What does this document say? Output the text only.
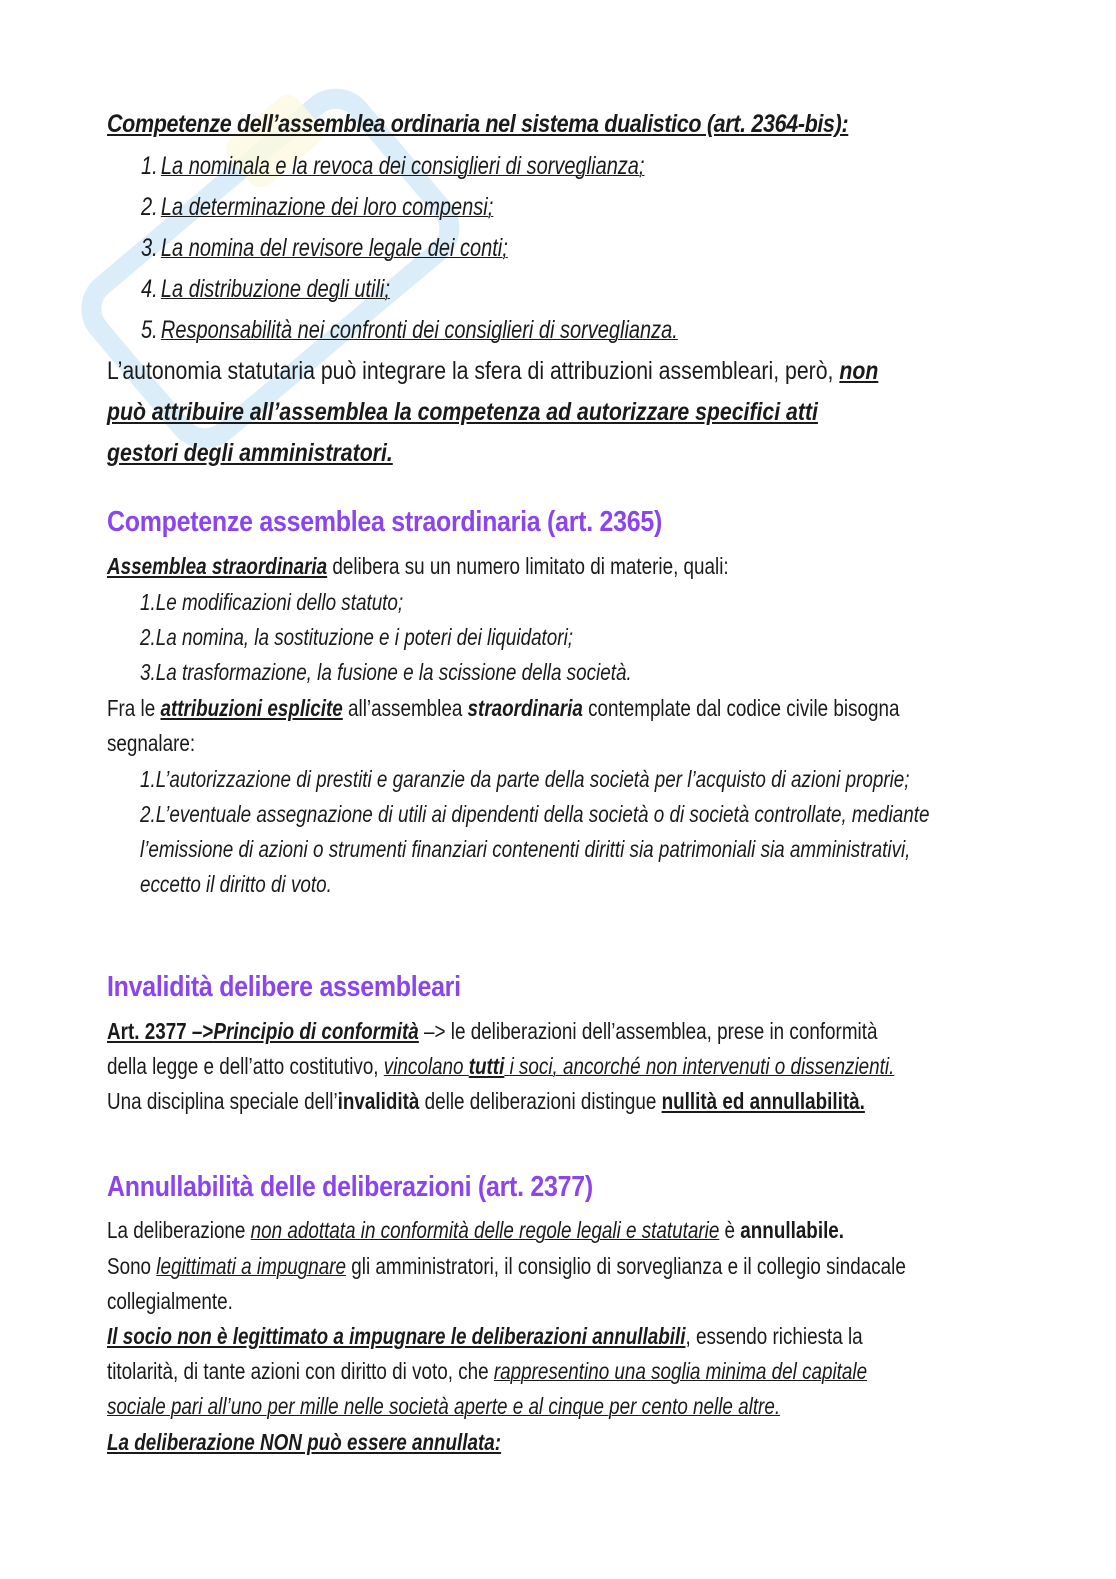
Competenze dell’assemblea ordinaria nel sistema dualistico (art. 2364-bis):
1. La nominala e la revoca dei consiglieri di sorveglianza;
2. La determinazione dei loro compensi;
3. La nomina del revisore legale dei conti;
4. La distribuzione degli utili;
5. Responsabilità nei confronti dei consiglieri di sorveglianza.
L’autonomia statutaria può integrare la sfera di attribuzioni assembleari, però, non
può attribuire all’assemblea la competenza ad autorizzare specifici atti
gestori degli amministratori.
Competenze assemblea straordinaria (art. 2365)
Assemblea straordinaria delibera su un numero limitato di materie, quali:
1.Le modificazioni dello statuto;
2.La nomina, la sostituzione e i poteri dei liquidatori;
3.La trasformazione, la fusione e la scissione della società.
Fra le attribuzioni esplicite all’assemblea straordinaria contemplate dal codice civile bisogna
segnalare:
1.L’autorizzazione di prestiti e garanzie da parte della società per l’acquisto di azioni proprie;
2.L’eventuale assegnazione di utili ai dipendenti della società o di società controllate, mediante
l’emissione di azioni o strumenti finanziari contenenti diritti sia patrimoniali sia amministrativi,
eccetto il diritto di voto.
Invalidità delibere assembleari
Art. 2377 –>Principio di conformità –> le deliberazioni dell’assemblea, prese in conformità
della legge e dell’atto costitutivo, vincolano tutti i soci, ancorché non intervenuti o dissenzienti.
Una disciplina speciale dell’invalidità delle deliberazioni distingue nullità ed annullabilità.
Annullabilità delle deliberazioni (art. 2377)
La deliberazione non adottata in conformità delle regole legali e statutarie è annullabile.
Sono legittimati a impugnare gli amministratori, il consiglio di sorveglianza e il collegio sindacale
collegialmente.
Il socio non è legittimato a impugnare le deliberazioni annullabili, essendo richiesta la
titolarità, di tante azioni con diritto di voto, che rappresentino una soglia minima del capitale
sociale pari all’uno per mille nelle società aperte e al cinque per cento nelle altre.
La deliberazione NON può essere annullata:
